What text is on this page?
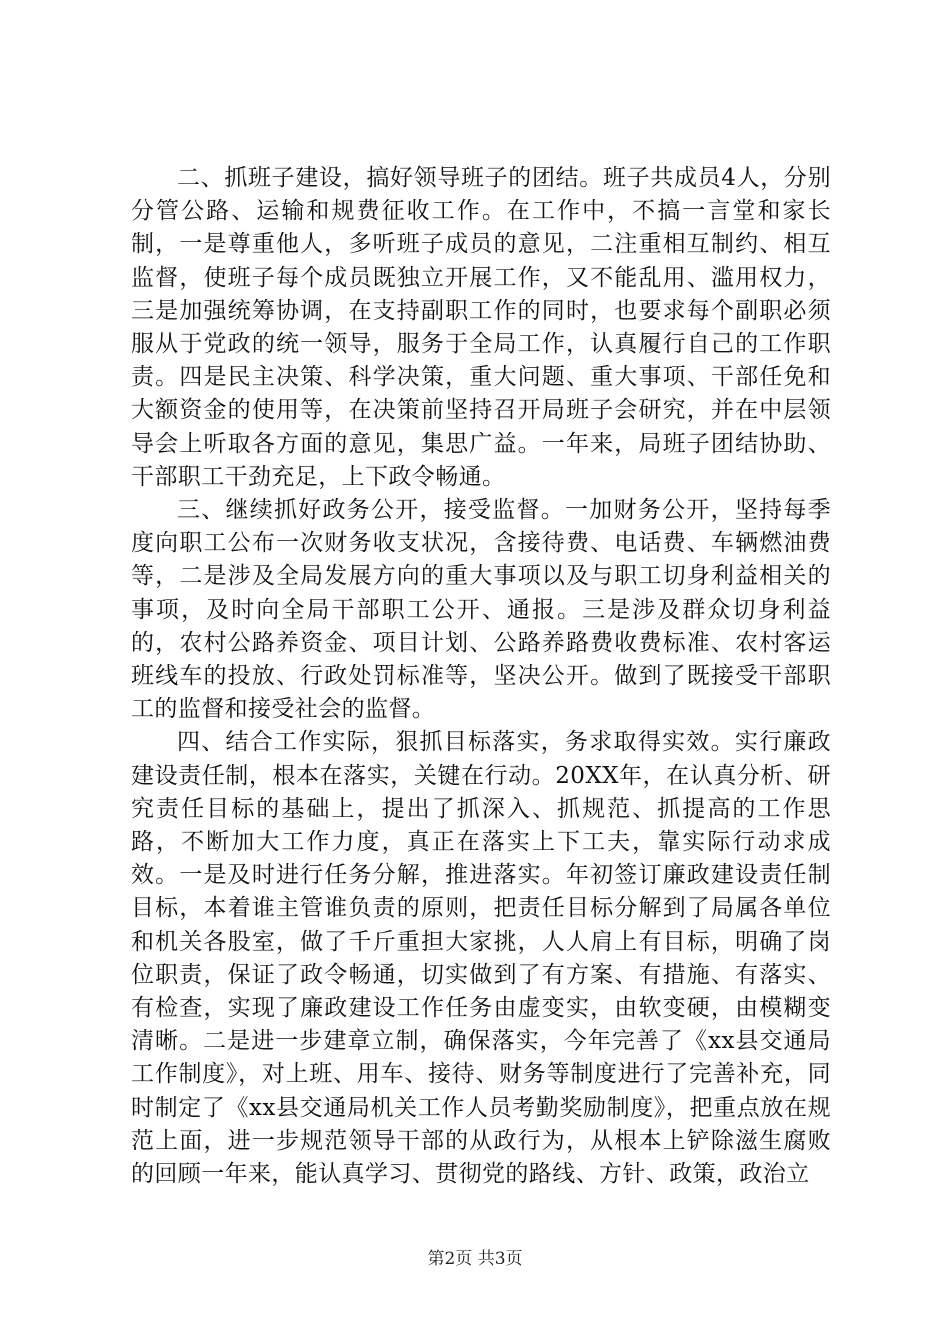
二、抓班子建设，搞好领导班子的团结。班子共成员4人，分别分管公路、运输和规费征收工作。在工作中，不搞一言堂和家长制，一是尊重他人，多听班子成员的意见，二注重相互制约、相互监督，使班子每个成员既独立开展工作，又不能乱用、滥用权力，三是加强统筹协调，在支持副职工作的同时，也要求每个副职必须服从于党政的统一领导，服务于全局工作，认真履行自己的工作职责。四是民主决策、科学决策，重大问题、重大事项、干部任免和大额资金的使用等，在决策前坚持召开局班子会研究，并在中层领导会上听取各方面的意见，集思广益。一年来，局班子团结协助、干部职工干劲充足，上下政令畅通。

三、继续抓好政务公开，接受监督。一加财务公开，坚持每季度向职工公布一次财务收支状况，含接待费、电话费、车辆燃油费等，二是涉及全局发展方向的重大事项以及与职工切身利益相关的事项，及时向全局干部职工公开、通报。三是涉及群众切身利益的，农村公路养资金、项目计划、公路养路费收费标准、农村客运班线车的投放、行政处罚标准等，坚决公开。做到了既接受干部职工的监督和接受社会的监督。

四、结合工作实际，狠抓目标落实，务求取得实效。实行廉政建设责任制，根本在落实，关键在行动。20XX年，在认真分析、研究责任目标的基础上，提出了抓深入、抓规范、抓提高的工作思路，不断加大工作力度，真正在落实上下工夫，靠实际行动求成效。一是及时进行任务分解，推进落实。年初签订廉政建设责任制目标，本着谁主管谁负责的原则，把责任目标分解到了局属各单位和机关各股室，做了千斤重担大家挑，人人肩上有目标，明确了岗位职责，保证了政令畅通，切实做到了有方案、有措施、有落实、有检查，实现了廉政建设工作任务由虚变实，由软变硬，由模糊变清晰。二是进一步建章立制，确保落实，今年完善了《xx县交通局工作制度》，对上班、用车、接待、财务等制度进行了完善补充，同时制定了《xx县交通局机关工作人员考勤奖励制度》，把重点放在规范上面，进一步规范领导干部的从政行为，从根本上铲除滋生腐败的回顾一年来，能认真学习、贯彻党的路线、方针、政策，政治立

第2页 共3页
